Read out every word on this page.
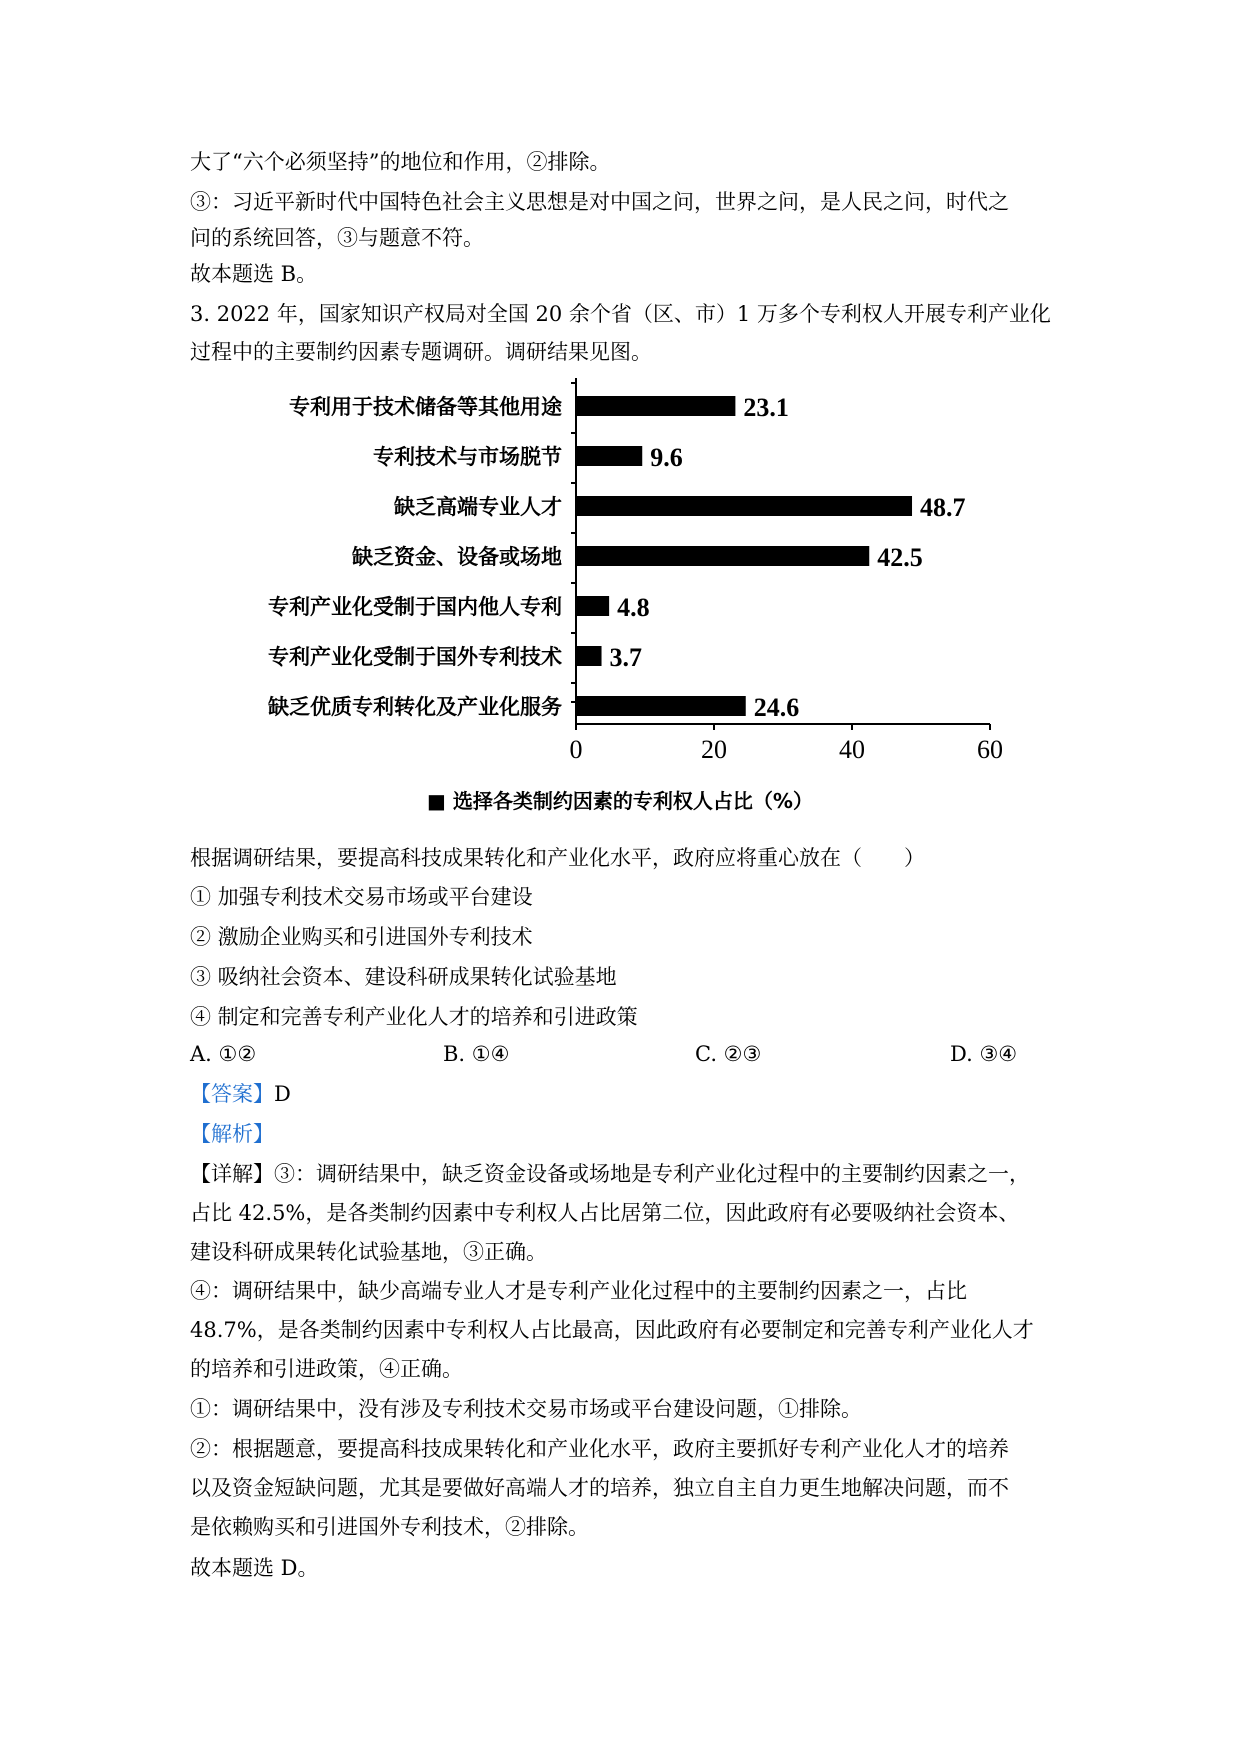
大了“六个必须坚持”的地位和作用，②排除。
③：习近平新时代中国特色社会主义思想是对中国之问，世界之问，是人民之问，时代之
问的系统回答，③与题意不符。
故本题选 B。
3. 2022 年，国家知识产权局对全国 20 余个省（区、市）1 万多个专利权人开展专利产业化
过程中的主要制约因素专题调研。调研结果见图。
专利用于技术储备等其他用途	23.1
专利技术与市场脱节	9.6
缺乏高端专业人才	48.7
缺乏资金、设备或场地	42.5
专利产业化受制于国内他人专利 4.8
专利产业化受制于国外专利技术 3.7
缺乏优质专利转化及产业化服务	24.6
0	20	40	60
■ 选择各类制约因素的专利权人占比（%）
根据调研结果，要提高科技成果转化和产业化水平，政府应将重心放在（　　）
① 加强专利技术交易市场或平台建设
② 激励企业购买和引进国外专利技术
③ 吸纳社会资本、建设科研成果转化试验基地
④ 制定和完善专利产业化人才的培养和引进政策
A. ①②	B. ①④	C. ②③	D. ③④
【答案】D
【解析】
【详解】③：调研结果中，缺乏资金设备或场地是专利产业化过程中的主要制约因素之一，
占比 42.5%，是各类制约因素中专利权人占比居第二位，因此政府有必要吸纳社会资本、
建设科研成果转化试验基地，③正确。
④：调研结果中，缺少高端专业人才是专利产业化过程中的主要制约因素之一，占比
48.7%，是各类制约因素中专利权人占比最高，因此政府有必要制定和完善专利产业化人才
的培养和引进政策，④正确。
①：调研结果中，没有涉及专利技术交易市场或平台建设问题，①排除。
②：根据题意，要提高科技成果转化和产业化水平，政府主要抓好专利产业化人才的培养
以及资金短缺问题，尤其是要做好高端人才的培养，独立自主自力更生地解决问题，而不
是依赖购买和引进国外专利技术，②排除。
故本题选 D。
